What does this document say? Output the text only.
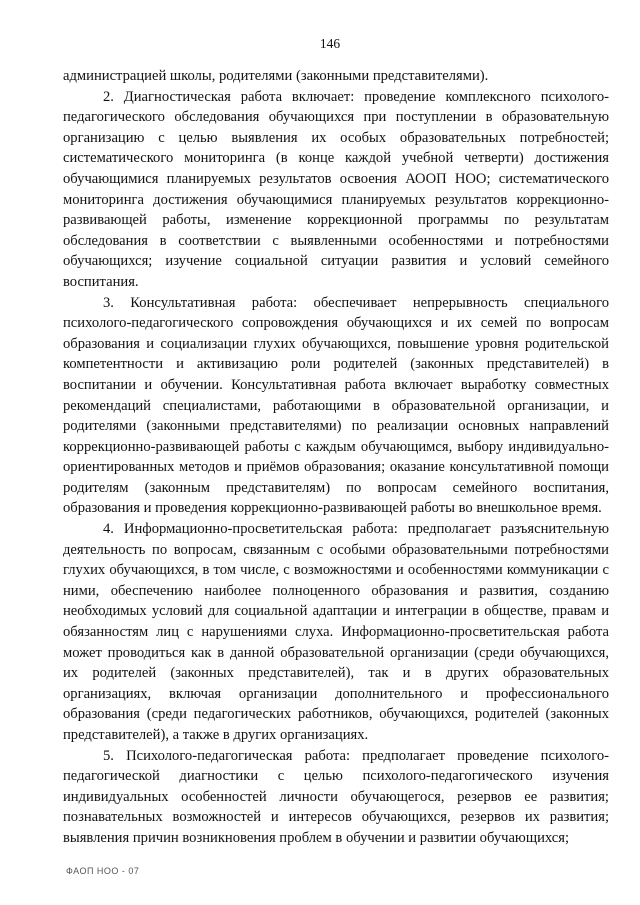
146

администрацией школы, родителями (законными представителями).

2. Диагностическая работа включает: проведение комплексного психолого-педагогического обследования обучающихся при поступлении в образовательную организацию с целью выявления их особых образовательных потребностей; систематического мониторинга (в конце каждой учебной четверти) достижения обучающимися планируемых результатов освоения АООП НОО; систематического мониторинга достижения обучающимися планируемых результатов коррекционно-развивающей работы, изменение коррекционной программы по результатам обследования в соответствии с выявленными особенностями и потребностями обучающихся; изучение социальной ситуации развития и условий семейного воспитания.

3. Консультативная работа: обеспечивает непрерывность специального психолого-педагогического сопровождения обучающихся и их семей по вопросам образования и социализации глухих обучающихся, повышение уровня родительской компетентности и активизацию роли родителей (законных представителей) в воспитании и обучении. Консультативная работа включает выработку совместных рекомендаций специалистами, работающими в образовательной организации, и родителями (законными представителями) по реализации основных направлений коррекционно-развивающей работы с каждым обучающимся, выбору индивидуально-ориентированных методов и приёмов образования; оказание консультативной помощи родителям (законным представителям) по вопросам семейного воспитания, образования и проведения коррекционно-развивающей работы во внешкольное время.

4. Информационно-просветительская работа: предполагает разъяснительную деятельность по вопросам, связанным с особыми образовательными потребностями глухих обучающихся, в том числе, с возможностями и особенностями коммуникации с ними, обеспечению наиболее полноценного образования и развития, созданию необходимых условий для социальной адаптации и интеграции в обществе, правам и обязанностям лиц с нарушениями слуха. Информационно-просветительская работа может проводиться как в данной образовательной организации (среди обучающихся, их родителей (законных представителей), так и в других образовательных организациях, включая организации дополнительного и профессионального образования (среди педагогических работников, обучающихся, родителей (законных представителей), а также в других организациях.

5. Психолого-педагогическая работа: предполагает проведение психолого-педагогической диагностики с целью психолого-педагогического изучения индивидуальных особенностей личности обучающегося, резервов ее развития; познавательных возможностей и интересов обучающихся, резервов их развития; выявления причин возникновения проблем в обучении и развитии обучающихся;

ФАОП НОО - 07
